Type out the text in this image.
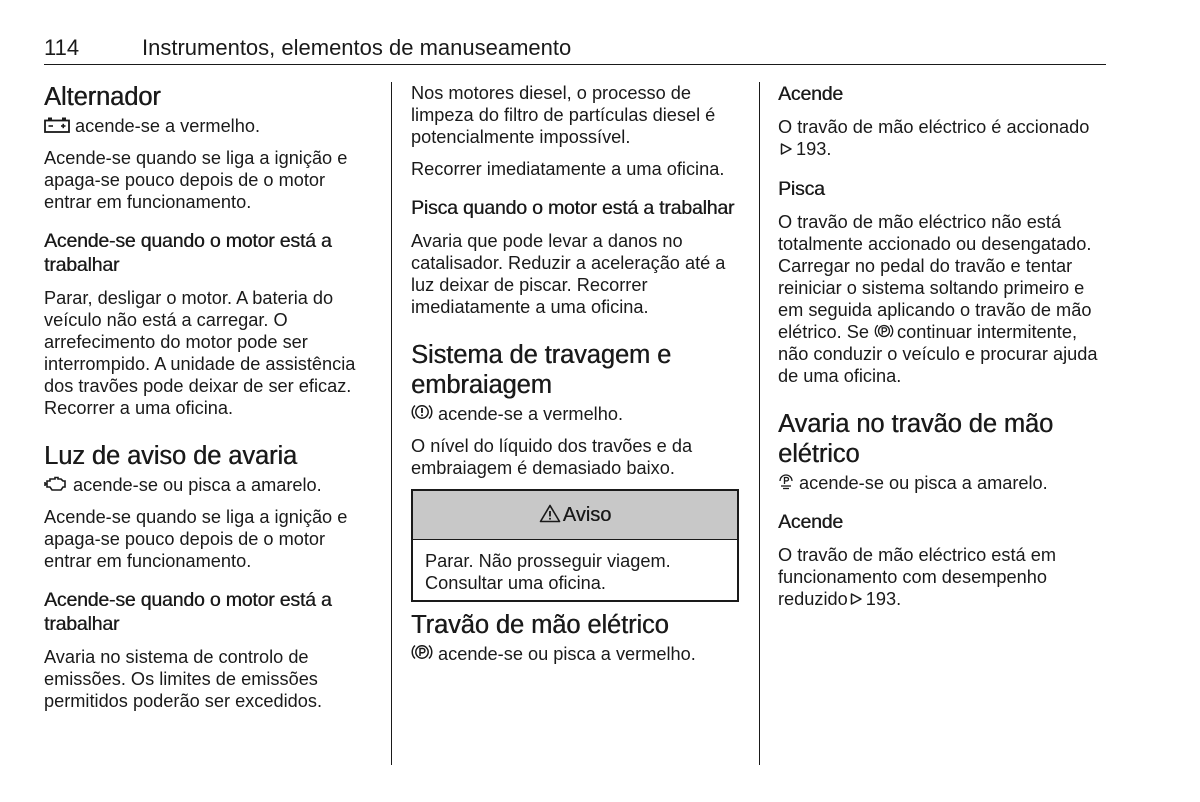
114	Instrumentos, elementos de manuseamento
Alternador

acende-se a vermelho.

Acende-se quando se liga a ignição e apaga-se pouco depois de o motor entrar em funcionamento.

Acende-se quando o motor está a trabalhar

Parar, desligar o motor. A bateria do veículo não está a carregar. O arrefecimento do motor pode ser interrompido. A unidade de assistência dos travões pode deixar de ser eficaz. Recorrer a uma oficina.

Luz de aviso de avaria

acende-se ou pisca a amarelo.

Acende-se quando se liga a ignição e apaga-se pouco depois de o motor entrar em funcionamento.

Acende-se quando o motor está a trabalhar

Avaria no sistema de controlo de emissões. Os limites de emissões permitidos poderão ser excedidos.

Nos motores diesel, o processo de limpeza do filtro de partículas diesel é potencialmente impossível.

Recorrer imediatamente a uma oficina.

Pisca quando o motor está a trabalhar

Avaria que pode levar a danos no catalisador. Reduzir a aceleração até a luz deixar de piscar. Recorrer imediatamente a uma oficina.

Sistema de travagem e embraiagem

acende-se a vermelho.

O nível do líquido dos travões e da embraiagem é demasiado baixo.

Aviso

Parar. Não prosseguir viagem. Consultar uma oficina.

Travão de mão elétrico

acende-se ou pisca a vermelho.

Acende

O travão de mão eléctrico é accionado193.

Pisca

O travão de mão eléctrico não está totalmente accionado ou desengatado. Carregar no pedal do travão e tentar reiniciar o sistema soltando primeiro e em seguida aplicando o travão de mão elétrico. Se continuar intermitente, não conduzir o veículo e procurar ajuda de uma oficina.

Avaria no travão de mão elétrico

acende-se ou pisca a amarelo.

Acende

O travão de mão eléctrico está em funcionamento com desempenho reduzido 193.
